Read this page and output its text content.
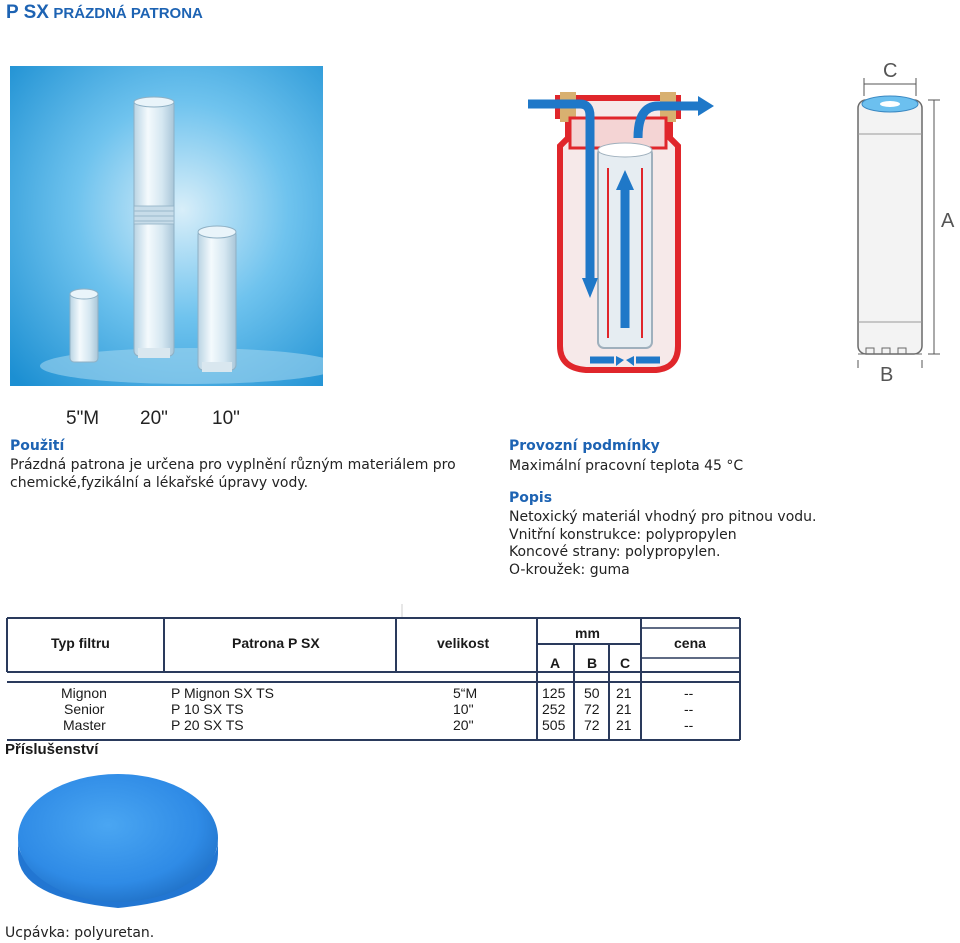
P SX PRÁZDNÁ PATRONA
5"M 20" 10"
C
A
B
Použití
Prázdná patrona je určena pro vyplnění různým materiálem pro
chemické,fyzikální a lékařské úpravy vody.
Provozní podmínky
Maximální pracovní teplota 45 °C
Popis
Netoxický materiál vhodný pro pitnou vodu.
Vnitřní konstrukce: polypropylen
Koncové strany: polypropylen.
O-kroužek: guma
Typ filtru	Patrona P SX	velikost
mm
A B C
cena
Mignon	P Mignon SX TS	5“M	125 50 21	--
Senior	P 10 SX TS	10"	252 72 21	--
Master	P 20 SX TS	20"	505 72 21	--
Příslušenství
Ucpávka: polyuretan.
